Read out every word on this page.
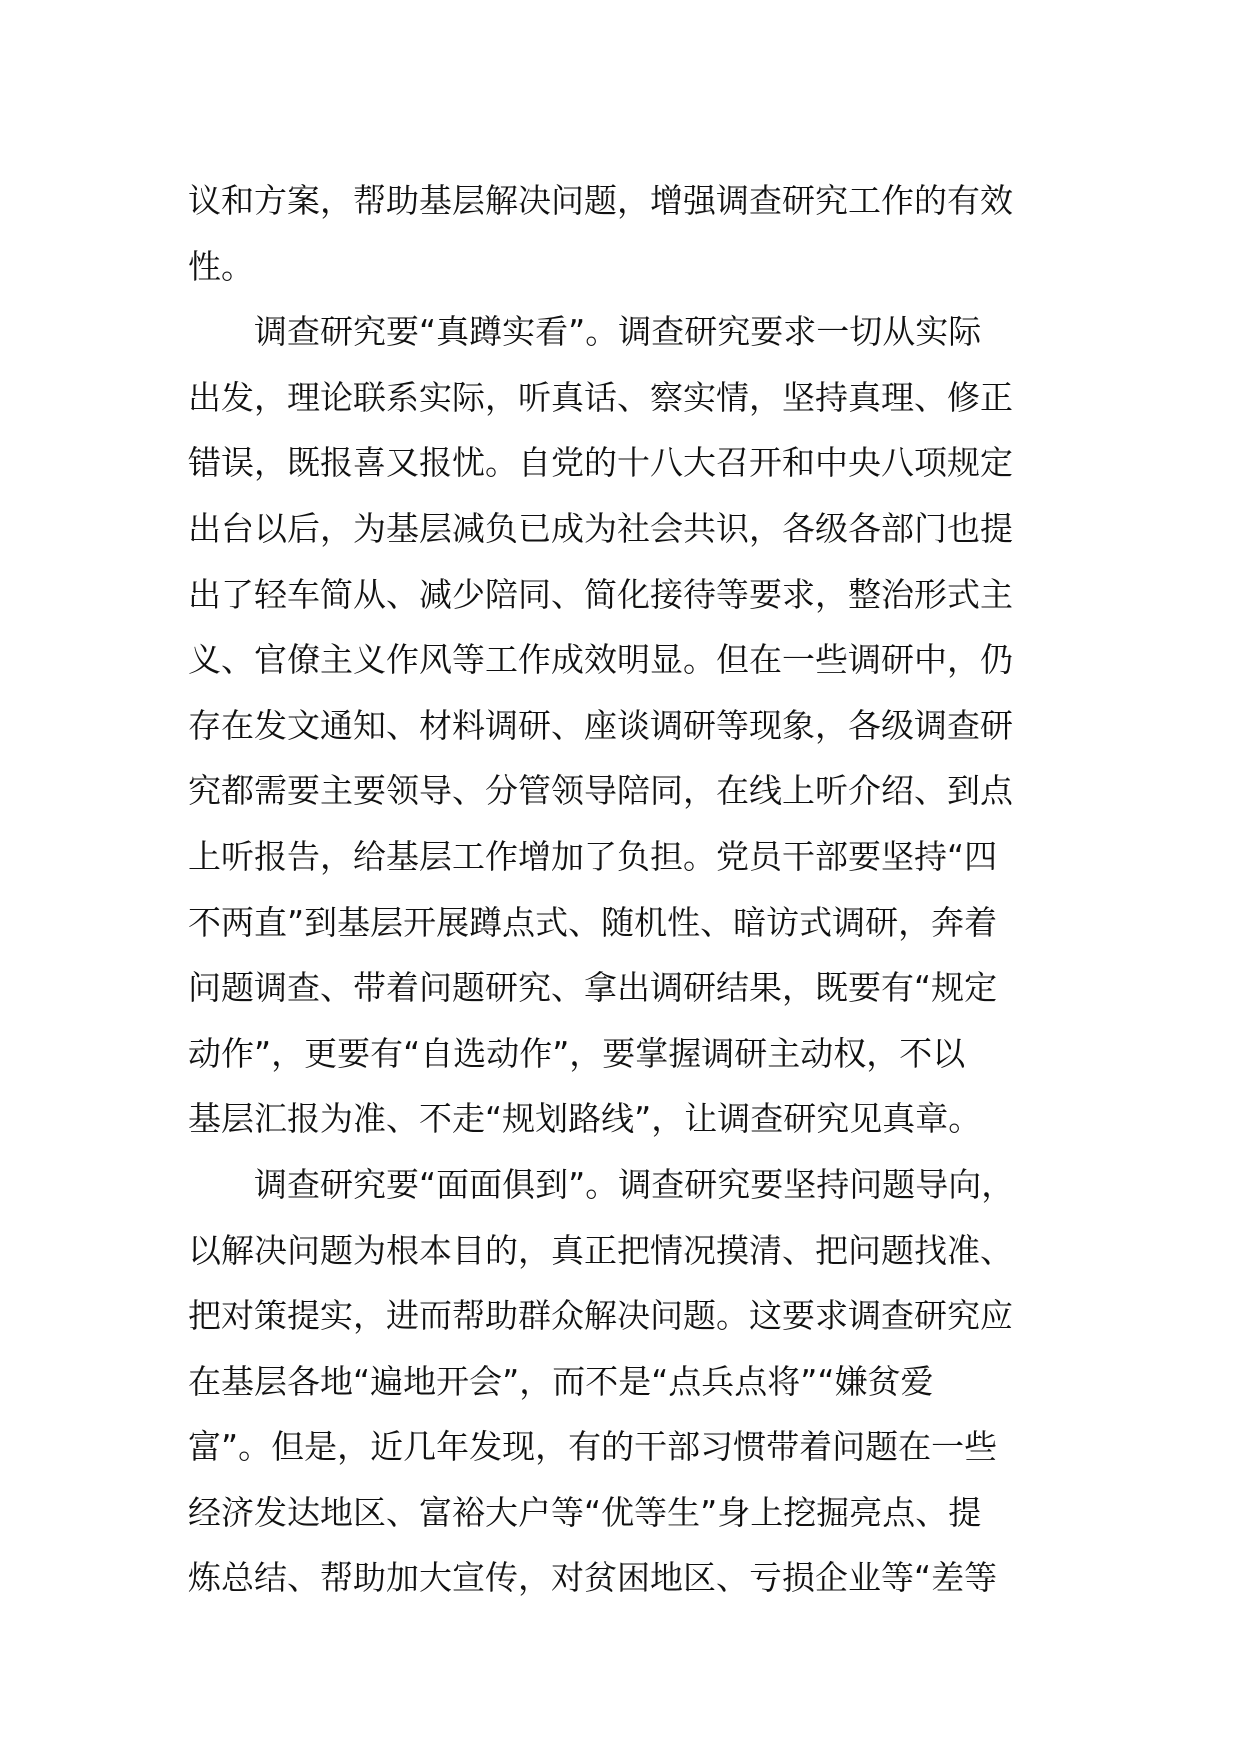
议和方案，帮助基层解决问题，增强调查研究工作的有效
性。

调查研究要“真蹲实看”。调查研究要求一切从实际
出发，理论联系实际，听真话、察实情，坚持真理、修正
错误，既报喜又报忧。自党的十八大召开和中央八项规定
出台以后，为基层减负已成为社会共识，各级各部门也提
出了轻车简从、减少陪同、简化接待等要求，整治形式主
义、官僚主义作风等工作成效明显。但在一些调研中，仍
存在发文通知、材料调研、座谈调研等现象，各级调查研
究都需要主要领导、分管领导陪同，在线上听介绍、到点
上听报告，给基层工作增加了负担。党员干部要坚持“四
不两直”到基层开展蹲点式、随机性、暗访式调研，奔着
问题调查、带着问题研究、拿出调研结果，既要有“规定
动作”，更要有“自选动作”，要掌握调研主动权，不以
基层汇报为准、不走“规划路线”，让调查研究见真章。

调查研究要“面面俱到”。调查研究要坚持问题导向，
以解决问题为根本目的，真正把情况摸清、把问题找准、
把对策提实，进而帮助群众解决问题。这要求调查研究应
在基层各地“遍地开会”，而不是“点兵点将”“嫌贫爱
富”。但是，近几年发现，有的干部习惯带着问题在一些
经济发达地区、富裕大户等“优等生”身上挖掘亮点、提
炼总结、帮助加大宣传，对贫困地区、亏损企业等“差等
